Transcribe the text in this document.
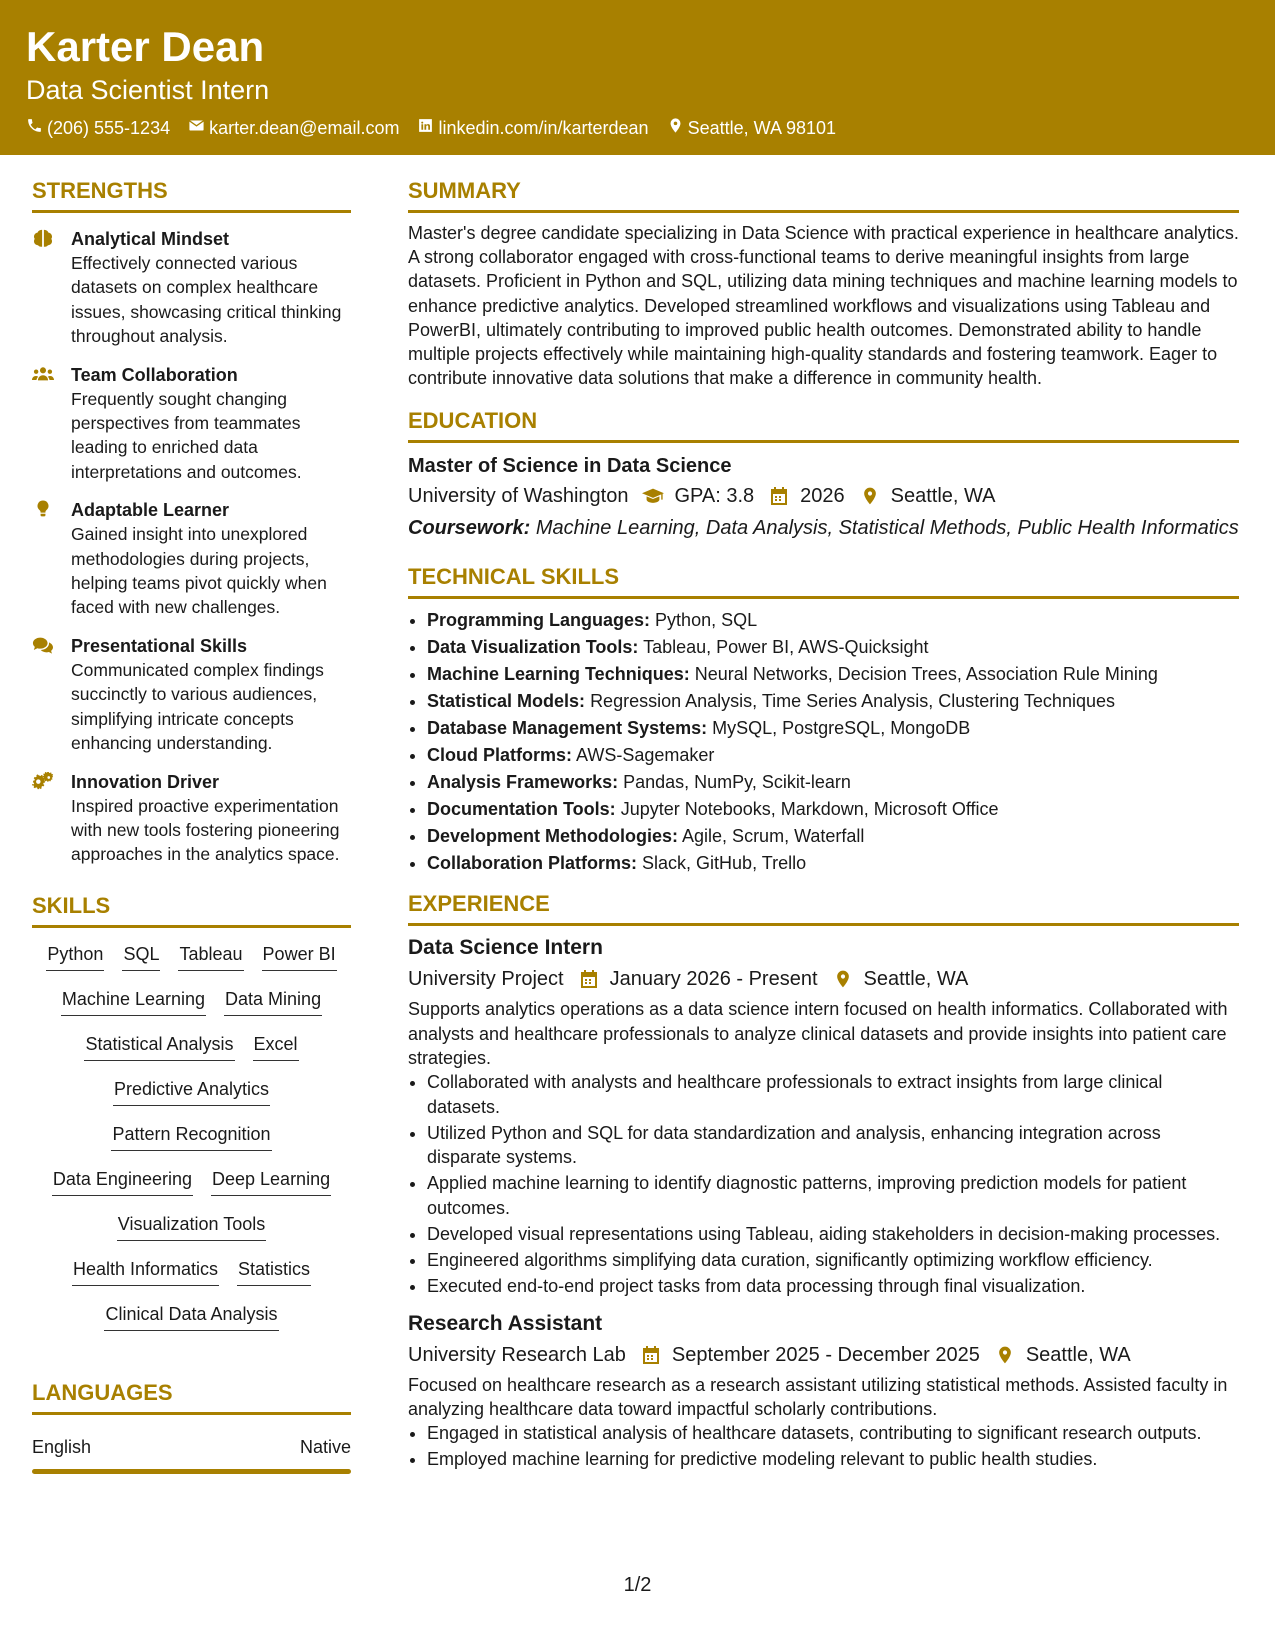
Karter Dean
Data Scientist Intern
(206) 555-1234 karter.dean@email.com linkedin.com/in/karterdean Seattle, WA 98101
STRENGTHS
Analytical Mindset
Effectively connected various datasets on complex healthcare issues, showcasing critical thinking throughout analysis.
Team Collaboration
Frequently sought changing perspectives from teammates leading to enriched data interpretations and outcomes.
Adaptable Learner
Gained insight into unexplored methodologies during projects, helping teams pivot quickly when faced with new challenges.
Presentational Skills
Communicated complex findings succinctly to various audiences, simplifying intricate concepts enhancing understanding.
Innovation Driver
Inspired proactive experimentation with new tools fostering pioneering approaches in the analytics space.
SKILLS
Python SQL Tableau Power BI
Machine Learning Data Mining
Statistical Analysis Excel
Predictive Analytics
Pattern Recognition
Data Engineering Deep Learning
Visualization Tools
Health Informatics Statistics
Clinical Data Analysis
LANGUAGES
English	Native
SUMMARY

Master's degree candidate specializing in Data Science with practical experience in healthcare analytics. A strong collaborator engaged with cross-functional teams to derive meaningful insights from large datasets. Proficient in Python and SQL, utilizing data mining techniques and machine learning models to enhance predictive analytics. Developed streamlined workflows and visualizations using Tableau and PowerBI, ultimately contributing to improved public health outcomes. Demonstrated ability to handle multiple projects effectively while maintaining high-quality standards and fostering teamwork. Eager to contribute innovative data solutions that make a difference in community health.

EDUCATION
Master of Science in Data Science
University of Washington GPA: 3.8 2026 Seattle, WA
Coursework: Machine Learning, Data Analysis, Statistical Methods, Public Health Informatics
TECHNICAL SKILLS
• Programming Languages: Python, SQL
• Data Visualization Tools: Tableau, Power BI, AWS-Quicksight
• Machine Learning Techniques: Neural Networks, Decision Trees, Association Rule Mining
• Statistical Models: Regression Analysis, Time Series Analysis, Clustering Techniques
• Database Management Systems: MySQL, PostgreSQL, MongoDB
• Cloud Platforms: AWS-Sagemaker
• Analysis Frameworks: Pandas, NumPy, Scikit-learn
• Documentation Tools: Jupyter Notebooks, Markdown, Microsoft Office
• Development Methodologies: Agile, Scrum, Waterfall
• Collaboration Platforms: Slack, GitHub, Trello
EXPERIENCE
Data Science Intern
University Project January 2026 - Present Seattle, WA

Supports analytics operations as a data science intern focused on health informatics. Collaborated with analysts and healthcare professionals to analyze clinical datasets and provide insights into patient care strategies.

• Collaborated with analysts and healthcare professionals to extract insights from large clinical datasets.
• Utilized Python and SQL for data standardization and analysis, enhancing integration across disparate systems.
• Applied machine learning to identify diagnostic patterns, improving prediction models for patient outcomes.
• Developed visual representations using Tableau, aiding stakeholders in decision-making processes.
• Engineered algorithms simplifying data curation, significantly optimizing workflow efficiency.
• Executed end-to-end project tasks from data processing through final visualization.
Research Assistant
University Research Lab September 2025 - December 2025 Seattle, WA

Focused on healthcare research as a research assistant utilizing statistical methods. Assisted faculty in analyzing healthcare data toward impactful scholarly contributions.

• Engaged in statistical analysis of healthcare datasets, contributing to significant research outputs.
• Employed machine learning for predictive modeling relevant to public health studies.
1/2
